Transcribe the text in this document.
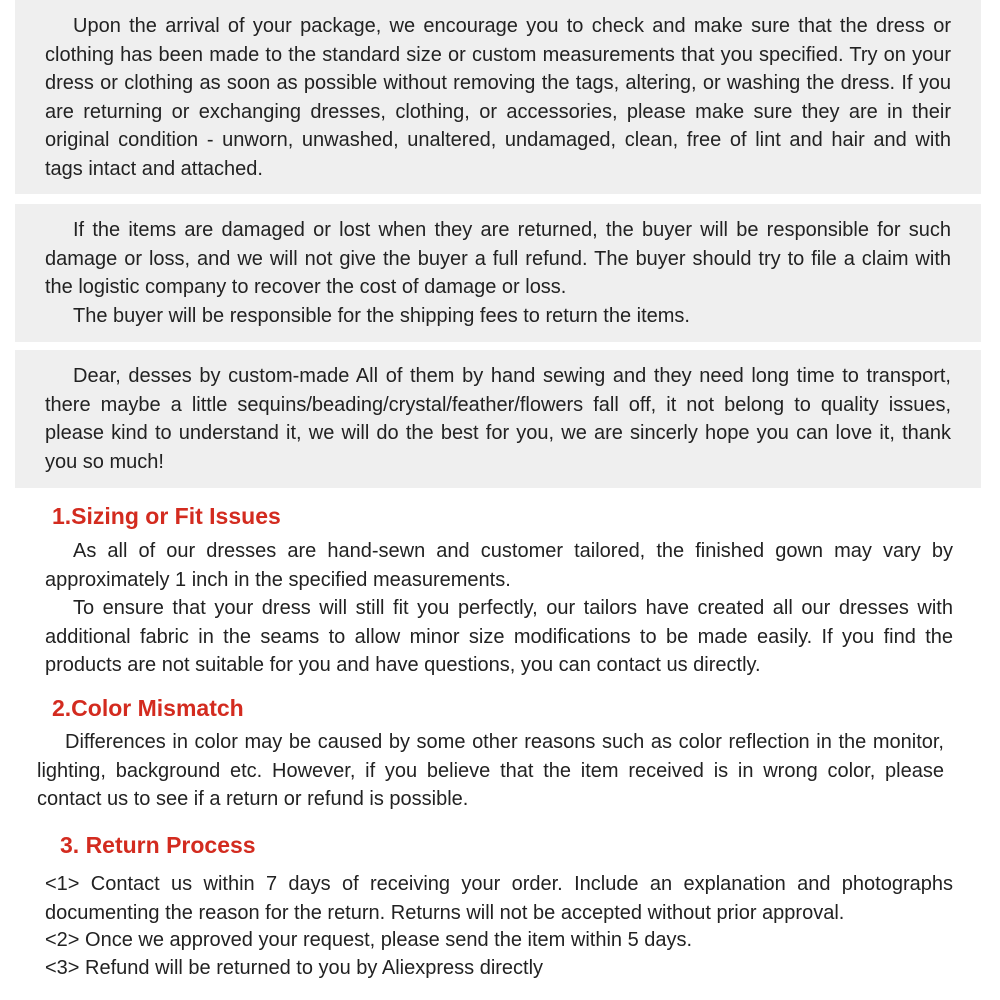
Upon the arrival of your package, we encourage you to check and make sure that the dress or clothing has been made to the standard size or custom measurements that you specified. Try on your dress or clothing as soon as possible without removing the tags, altering, or washing the dress. If you are returning or exchanging dresses, clothing, or accessories, please make sure they are in their original condition - unworn, unwashed, unaltered, undamaged, clean, free of lint and hair and with tags intact and attached.

If the items are damaged or lost when they are returned, the buyer will be responsible for such damage or loss, and we will not give the buyer a full refund. The buyer should try to file a claim with the logistic company to recover the cost of damage or loss.

The buyer will be responsible for the shipping fees to return the items.

Dear, desses by custom-made All of them by hand sewing and they need long time to transport, there maybe a little sequins/beading/crystal/feather/flowers fall off, it not belong to quality issues, please kind to understand it, we will do the best for you, we are sincerly hope you can love it, thank you so much!

1.Sizing or Fit Issues

As all of our dresses are hand-sewn and customer tailored, the finished gown may vary by approximately 1 inch in the specified measurements.

To ensure that your dress will still fit you perfectly, our tailors have created all our dresses with additional fabric in the seams to allow minor size modifications to be made easily. If you find the products are not suitable for you and have questions, you can contact us directly.

2.Color Mismatch

Differences in color may be caused by some other reasons such as color reflection in the monitor, lighting, background etc. However, if you believe that the item received is in wrong color, please contact us to see if a return or refund is possible.

3. Return Process

<1> Contact us within 7 days of receiving your order. Include an explanation and photographs documenting the reason for the return. Returns will not be accepted without prior approval.

<2> Once we approved your request, please send the item within 5 days.

<3> Refund will be returned to you by Aliexpress directly
